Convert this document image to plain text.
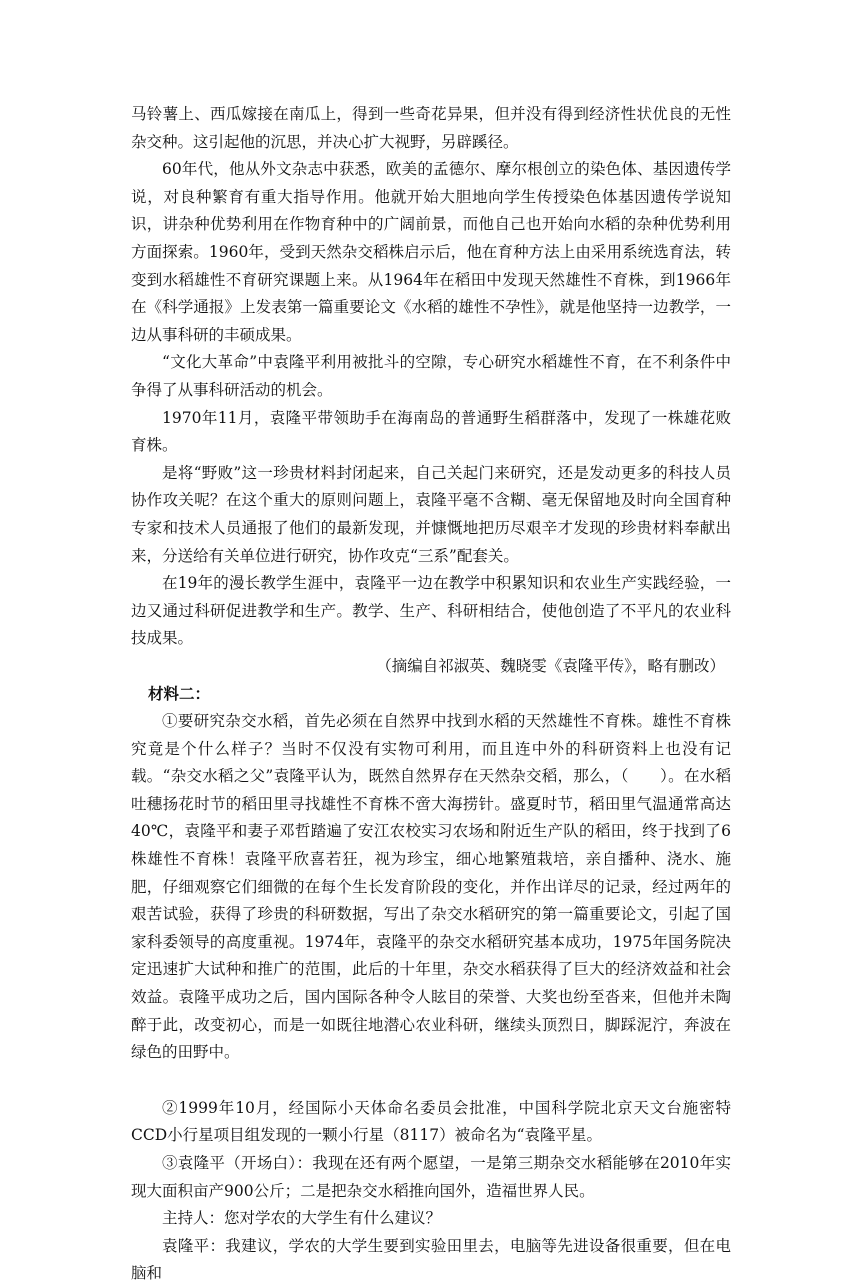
马铃薯上、西瓜嫁接在南瓜上，得到一些奇花异果，但并没有得到经济性状优良的无性杂交种。这引起他的沉思，并决心扩大视野，另辟蹊径。

60年代，他从外文杂志中获悉，欧美的孟德尔、摩尔根创立的染色体、基因遗传学说，对良种繁育有重大指导作用。他就开始大胆地向学生传授染色体基因遗传学说知识，讲杂种优势利用在作物育种中的广阔前景，而他自己也开始向水稻的杂种优势利用方面探索。1960年，受到天然杂交稻株启示后，他在育种方法上由采用系统选育法，转变到水稻雄性不育研究课题上来。从1964年在稻田中发现天然雄性不育株，到1966年在《科学通报》上发表第一篇重要论文《水稻的雄性不孕性》，就是他坚持一边教学，一边从事科研的丰硕成果。

“文化大革命”中袁隆平利用被批斗的空隙，专心研究水稻雄性不育，在不利条件中争得了从事科研活动的机会。

1970年11月，袁隆平带领助手在海南岛的普通野生稻群落中，发现了一株雄花败育株。

是将“野败”这一珍贵材料封闭起来，自己关起门来研究，还是发动更多的科技人员协作攻关呢？在这个重大的原则问题上，袁隆平毫不含糊、毫无保留地及时向全国育种专家和技术人员通报了他们的最新发现，并慷慨地把历尽艰辛才发现的珍贵材料奉献出来，分送给有关单位进行研究，协作攻克“三系”配套关。

在19年的漫长教学生涯中，袁隆平一边在教学中积累知识和农业生产实践经验，一边又通过科研促进教学和生产。教学、生产、科研相结合，使他创造了不平凡的农业科技成果。

（摘编自祁淑英、魏晓雯《袁隆平传》，略有删改）

材料二：

①要研究杂交水稻，首先必须在自然界中找到水稻的天然雄性不育株。雄性不育株究竟是个什么样子？当时不仅没有实物可利用，而且连中外的科研资料上也没有记载。“杂交水稻之父”袁隆平认为，既然自然界存在天然杂交稻，那么，（　　）。在水稻吐穗扬花时节的稻田里寻找雄性不育株不啻大海捞针。盛夏时节，稻田里气温通常高达40℃，袁隆平和妻子邓哲踏遍了安江农校实习农场和附近生产队的稻田，终于找到了6株雄性不育株！袁隆平欣喜若狂，视为珍宝，细心地繁殖栽培，亲自播种、浇水、施肥，仔细观察它们细微的在每个生长发育阶段的变化，并作出详尽的记录，经过两年的艰苦试验，获得了珍贵的科研数据，写出了杂交水稻研究的第一篇重要论文，引起了国家科委领导的高度重视。1974年，袁隆平的杂交水稻研究基本成功，1975年国务院决定迅速扩大试种和推广的范围，此后的十年里，杂交水稻获得了巨大的经济效益和社会效益。袁隆平成功之后，国内国际各种令人眩目的荣誉、大奖也纷至沓来，但他并未陶醉于此，改变初心，而是一如既往地潜心农业科研，继续头顶烈日，脚踩泥泞，奔波在绿色的田野中。

②1999年10月，经国际小天体命名委员会批准，中国科学院北京天文台施密特CCD小行星项目组发现的一颗小行星（8117）被命名为“袁隆平星。

③袁隆平（开场白）：我现在还有两个愿望，一是第三期杂交水稻能够在2010年实现大面积亩产900公斤；二是把杂交水稻推向国外，造福世界人民。

主持人：您对学农的大学生有什么建议？

袁隆平：我建议，学农的大学生要到实验田里去，电脑等先进设备很重要，但在电脑和
